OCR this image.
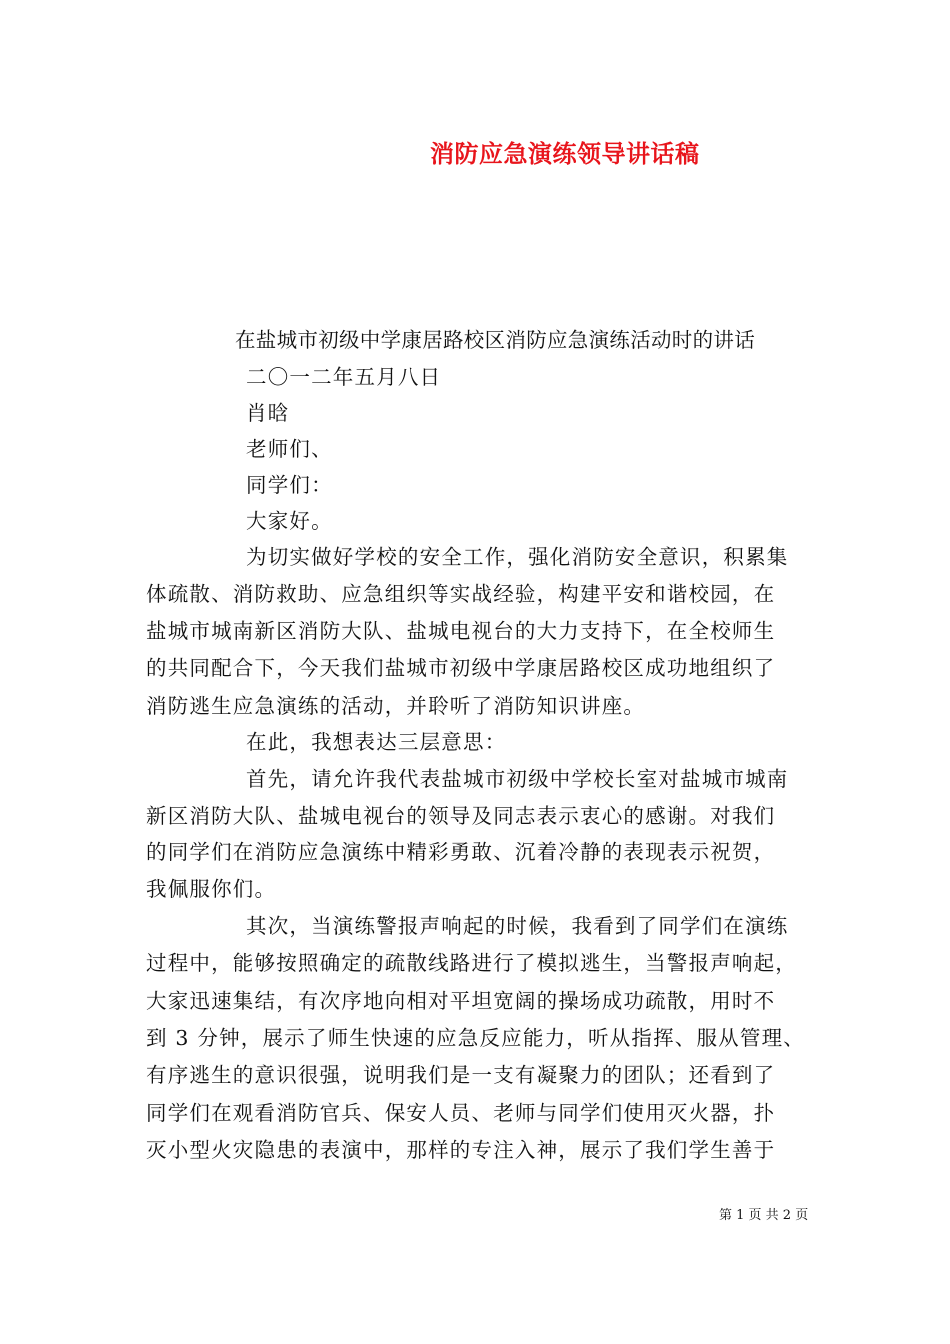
消防应急演练领导讲话稿
在盐城市初级中学康居路校区消防应急演练活动时的讲话
二〇一二年五月八日
肖晗
老师们、
同学们：
大家好。
为切实做好学校的安全工作，强化消防安全意识，积累集
体疏散、消防救助、应急组织等实战经验，构建平安和谐校园，在
盐城市城南新区消防大队、盐城电视台的大力支持下，在全校师生
的共同配合下，今天我们盐城市初级中学康居路校区成功地组织了
消防逃生应急演练的活动，并聆听了消防知识讲座。
在此，我想表达三层意思：
首先，请允许我代表盐城市初级中学校长室对盐城市城南
新区消防大队、盐城电视台的领导及同志表示衷心的感谢。对我们
的同学们在消防应急演练中精彩勇敢、沉着冷静的表现表示祝贺，
我佩服你们。
其次，当演练警报声响起的时候，我看到了同学们在演练
过程中，能够按照确定的疏散线路进行了模拟逃生，当警报声响起，
大家迅速集结，有次序地向相对平坦宽阔的操场成功疏散，用时不
到 3 分钟，展示了师生快速的应急反应能力，听从指挥、服从管理、
有序逃生的意识很强，说明我们是一支有凝聚力的团队；还看到了
同学们在观看消防官兵、保安人员、老师与同学们使用灭火器，扑
灭小型火灾隐患的表演中，那样的专注入神，展示了我们学生善于
第 1 页 共 2 页
